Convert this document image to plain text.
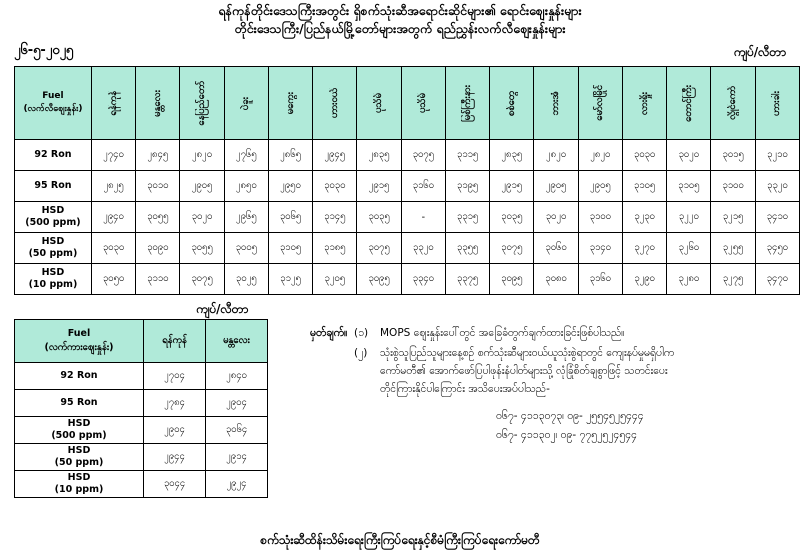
ရန်ကုန်တိုင်းဒေသကြီးအတွင်း ရှိစက်သုံးဆီအရောင်းဆိုင်များ၏ ရောင်းစျေးနှုန်းများ
တိုင်းဒေသကြီး/ပြည်နယ်မြို့တော်များအတွက် ရည်ညွှန်းလက်လီဈေးနှုန်းများ
၂၆-၅-၂၀၂၅	ကျပ်/လီတာ
Fuel
(လက်လီဈေးနှုန်း)	ရန်ကုန်	မန္တလေး	နေပြည်တော်	ပဲခူး	မကွေး	ဟားဝယ်	ပုသိမ်	ပုသိမ်	မြစ်ကြီးနား	စစ်တွေ	ဘားအံ	မော်လမြိုင်	လားရှိုး	တောင်ကြီး	လွိုင်ကော်	ဟားခါး

92 Ron	၂၇၄၀	၂၈၄၅	၂၈၂၀	၂၇၆၅	၂၈၆၅	၂၉၄၅	၂၈၃၅	၃၀၇၅	၃၁၁၅	၂၈၃၅	၂၈၂၀	၂၈၂၀	၃၀၃၀	၃၀၂၀	၃၀၁၅	၃၂၁၀

95 Ron	၂၈၂၅	၃၀၁၀	၂၉၀၅	၂၈၅၀	၂၉၅၀	၃၀၃၀	၂၉၁၅	၃၁၆၀	၃၁၉၅	၂၉၁၅	၂၉၀၅	၂၉၀၅	၃၁၀၅	၃၁၀၅	၃၁၀၀	၃၃၂၀

HSD
(500 ppm)	၂၉၄၀	၃၀၅၅	၃၀၂၀	၂၉၆၅	၃၀၆၅	၃၁၄၅	၃၀၃၅	-	၃၃၁၅	၃၀၃၅	၃၀၂၀	၃၁၀၀	၃၂၃၀	၃၂၂၀	၃၂၁၅	၃၄၁၀

HSD
(50 ppm)	၃၀၃၀	၃၀၉၀	၃၀၅၅	၃၀၀၅	၃၁၀၅	၃၁၈၅	၃၀၇၅	၃၃၂၀	၃၃၅၅	၃၀၇၅	၃၀၆၀	၃၁၄၀	၃၂၇၀	၃၂၆၀	၃၂၅၅	၃၄၅၀

HSD
(10 ppm)	၃၀၅၀	၃၁၁၀	၃၀၇၅	၃၀၂၅	၃၁၂၅	၃၂၀၅	၃၀၉၅	၃၃၄၀	၃၃၇၅	၃၀၉၅	၃၀၈၀	၃၁၆၀	၃၂၉၀	၃၂၈၀	၃၂၇၅	၃၄၇၀
ကျပ်/လီတာ
Fuel
(လက်ကားဈေးနှုန်း)	ရန်ကုန်	မန္တလေး

92 Ron	၂၇၀၄	၂၈၄၀

95 Ron	၂၇၈၄	၂၉၀၄

HSD
(500 ppm)	၂၉၀၄	၃၀၆၄

HSD
(50 ppm)	၂၉၄၄	၂၉၁၄

HSD
(10 ppm)	၃၀၄၄	၂၉၂၄
မှတ်ချက်။ (၁)	MOPS ဈေးနှုန်းပေါ်တွင် အခြေခံတွက်ချက်ထားခြင်းဖြစ်ပါသည်။
(၂)	သုံးစွဲသူပြည်သူများနေ့စဉ် စက်သုံးဆီများဝယ်ယူသုံးစွဲရာတွင် ကျေးနပ်မှုမရှိပါက
ကော်မတီ၏ အောက်ဖော်ပြပါဖုန်းနံပါတ်များသို့ လုံခြုံစိတ်ချစွာဖြင့် သတင်းပေး
တိုင်ကြားနိုင်ပါကြောင်း အသိပေးအပ်ပါသည်-
၀၆၇- ၄၁၁၃၀၇၃၊ ၀၉- ၂၅၅၄၅၂၅၄၄၄
၀၆၇- ၄၁၁၃၀၂၊ ၀၉- ၇၇၅၂၅၂၄၅၄၄
စက်သုံးဆီထိန်းသိမ်းရေးကြီးကြပ်ရေးနှင့်စီမံကြီးကြပ်ရေးကော်မတီ
